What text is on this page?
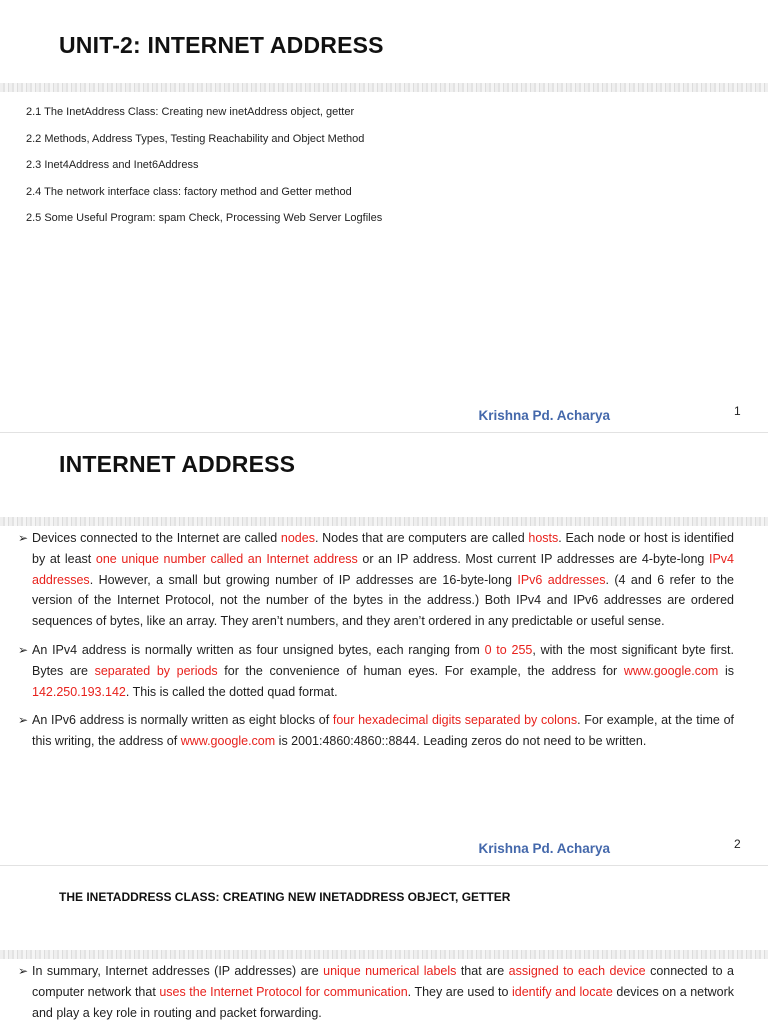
UNIT-2: INTERNET ADDRESS
2.1 The InetAddress Class: Creating new inetAddress object, getter
2.2 Methods, Address Types, Testing Reachability and Object Method
2.3 Inet4Address and Inet6Address
2.4 The network interface class: factory method and Getter method
2.5 Some Useful Program: spam Check, Processing Web Server Logfiles
Krishna Pd. Acharya	1
INTERNET ADDRESS
➢ Devices connected to the Internet are called nodes. Nodes that are computers are called hosts. Each node or host is identified by at least one unique number called an Internet address or an IP address. Most current IP addresses are 4-byte-long IPv4 addresses. However, a small but growing number of IP addresses are 16-byte-long IPv6 addresses. (4 and 6 refer to the version of the Internet Protocol, not the number of the bytes in the address.) Both IPv4 and IPv6 addresses are ordered sequences of bytes, like an array. They aren’t numbers, and they aren’t ordered in any predictable or useful sense.
➢ An IPv4 address is normally written as four unsigned bytes, each ranging from 0 to 255, with the most significant byte first. Bytes are separated by periods for the convenience of human eyes. For example, the address for www.google.com is 142.250.193.142. This is called the dotted quad format.
➢ An IPv6 address is normally written as eight blocks of four hexadecimal digits separated by colons. For example, at the time of this writing, the address of www.google.com is 2001:4860:4860::8844. Leading zeros do not need to be written.
Krishna Pd. Acharya	2
THE INETADDRESS CLASS: CREATING NEW INETADDRESS OBJECT, GETTER
➢ In summary, Internet addresses (IP addresses) are unique numerical labels that are assigned to each device connected to a computer network that uses the Internet Protocol for communication. They are used to identify and locate devices on a network and play a key role in routing and packet forwarding.
